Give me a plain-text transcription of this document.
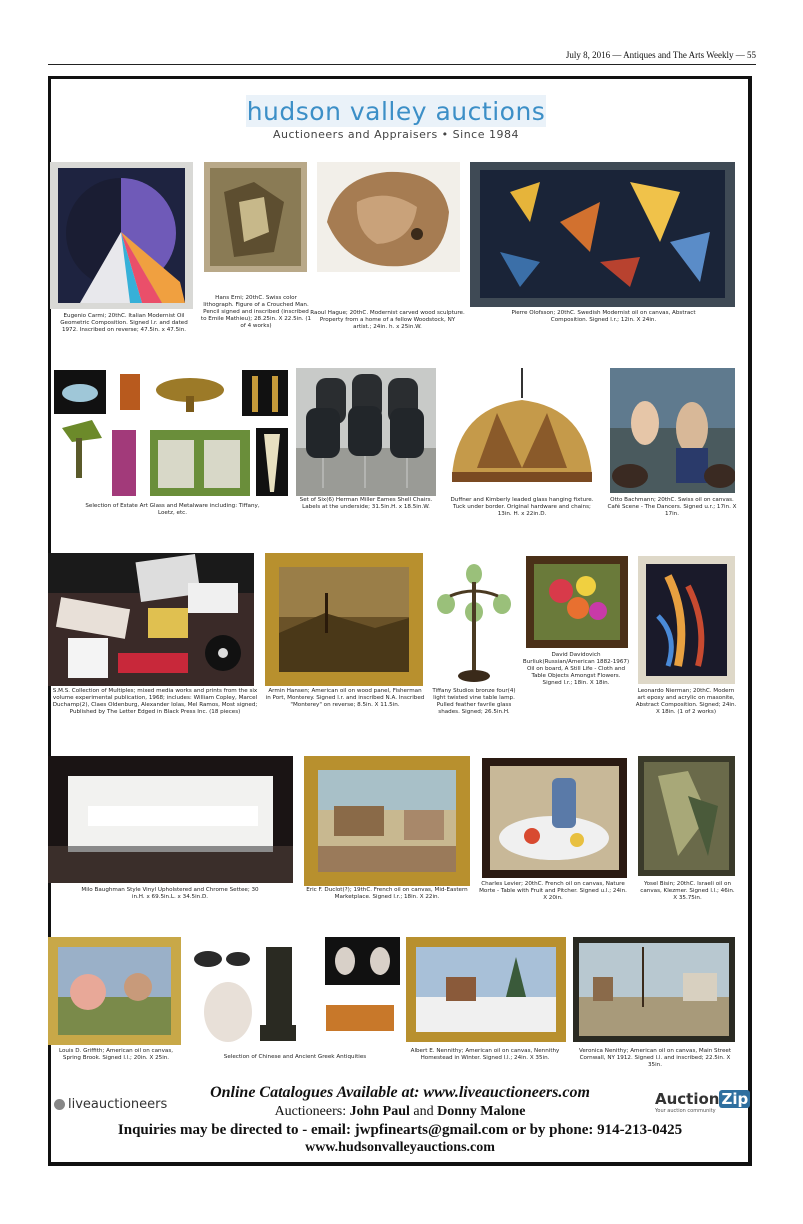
July 8, 2016 — Antiques and The Arts Weekly — 55
hudson valley auctions
Auctioneers and Appraisers • Since 1984
Eugenio Carmi; 20thC. Italian Modernist Oil Geometric Composition. Signed l.r. and dated 1972. Inscribed on reverse; 47.5in. x 47.5in.
Hans Erni; 20thC. Swiss color lithograph. Figure of a Crouched Man. Pencil signed and inscribed (inscribed to Emile Mathieu); 28.25in. X 22.5in. (1 of 4 works)
Raoul Hague; 20thC. Modernist carved wood sculpture. Property from a home of a fellow Woodstock, NY artist.; 24in. h. x 25in.W.
Pierre Olofsson; 20thC. Swedish Modernist oil on canvas, Abstract Composition. Signed l.r.; 12in. X 24in.
Selection of Estate Art Glass and Metalware including: Tiffany, Loetz, etc.
Set of Six(6) Herman Miller Eames Shell Chairs. Labels at the underside; 31.5in.H. x 18.5in.W.
Duffner and Kimberly leaded glass hanging fixture. Tuck under border. Original hardware and chains; 13in. H. x 22in.D.
Otto Bachmann; 20thC. Swiss oil on canvas. Café Scene - The Dancers. Signed u.r.; 17in. X 17in.
S.M.S. Collection of Multiples; mixed media works and prints from the six volume experimental publication, 1968; includes: William Copley, Marcel Duchamp(2), Claes Oldenburg, Alexander Iolas, Mel Ramos, Most signed; Published by The Letter Edged in Black Press Inc. (18 pieces)
Armin Hansen; American oil on wood panel, Fisherman in Port, Monterey. Signed l.r. and inscribed N.A. Inscribed "Monterey" on reverse; 8.5in. X 11.5in.
Tiffany Studios bronze four(4) light twisted vine table lamp. Pulled feather favrile glass shades. Signed; 26.5in.H.
David Davidovich Burliuk(Russian/American 1882-1967) Oil on board, A Still Life - Cloth and Table Objects Amongst Flowers. Signed l.r.; 18in. X 18in.
Leonardo Nierman; 20thC. Modern art epoxy and acrylic on masonite, Abstract Composition. Signed; 24in. X 18in. (1 of 2 works)
Milo Baughman Style Vinyl Upholstered and Chrome Settee; 30 in.H. x 69.5in.L. x 34.5in.D.
Eric F. Duclot(?); 19thC. French oil on canvas, Mid-Eastern Marketplace. Signed l.r.; 18in. X 22in.
Charles Levier; 20thC. French oil on canvas, Nature Morte - Table with Fruit and Pitcher. Signed u.l.; 24in. X 20in.
Yosel Bisin; 20thC. Israeli oil on canvas, Klezmer. Signed l.l.; 46in. X 35.75in.
Louis D. Griffith; American oil on canvas, Spring Brook. Signed l.l.; 20in. X 25in.	Selection of Chinese and Ancient Greek Antiquities
Albert E. Nennithy; American oil on canvas, Nennithy Homestead in Winter. Signed l.l.; 24in. X 35in.
Veronica Nenithy; American oil on canvas, Main Street Cornwall, NY 1912. Signed l.l. and inscribed; 22.5in. X 35in.
Online Catalogues Available at: www.liveauctioneers.com
liveauctioneers	Auction Zip
Your auction community
Auctioneers: John Paul and Donny Malone
Inquiries may be directed to - email: jwpfinearts@gmail.com or by phone: 914-213-0425
www.hudsonvalleyauctions.com
